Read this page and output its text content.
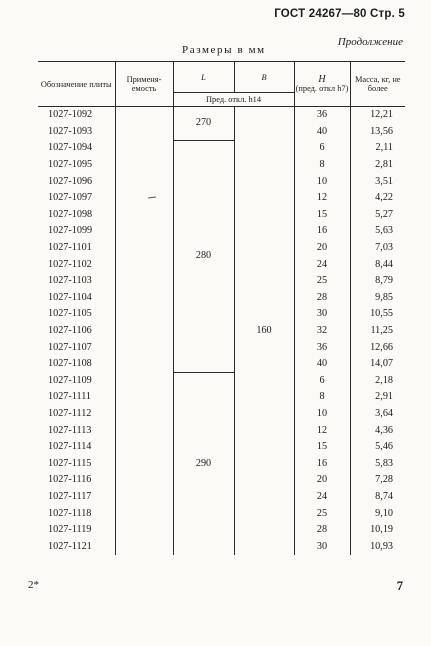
ГОСТ 24267—80 Стр. 5
Продолжение
Размеры в мм
Обозначение плиты	Применя- емость	L	B	H
(пред. откл h7)	Масса, кг, не более
		Пред. откл. h14			
1027-1092		270	160	36	12,21
1027-1093				40	13,56
1027-1094		280		6	2,11
1027-1095				8	2,81
1027-1096				10	3,51
1027-1097				12	4,22
1027-1098				15	5,27
1027-1099				16	5,63
1027-1101				20	7,03
1027-1102				24	8,44
1027-1103				25	8,79
1027-1104				28	9,85
1027-1105				30	10,55
1027-1106				32	11,25
1027-1107				36	12,66
1027-1108				40	14,07
1027-1109		290		6	2,18
1027-1111				8	2,91
1027-1112				10	3,64
1027-1113				12	4,36
1027-1114				15	5,46
1027-1115				16	5,83
1027-1116				20	7,28
1027-1117				24	8,74
1027-1118				25	9,10
1027-1119				28	10,19
1027-1121				30	10,93
2*	7
